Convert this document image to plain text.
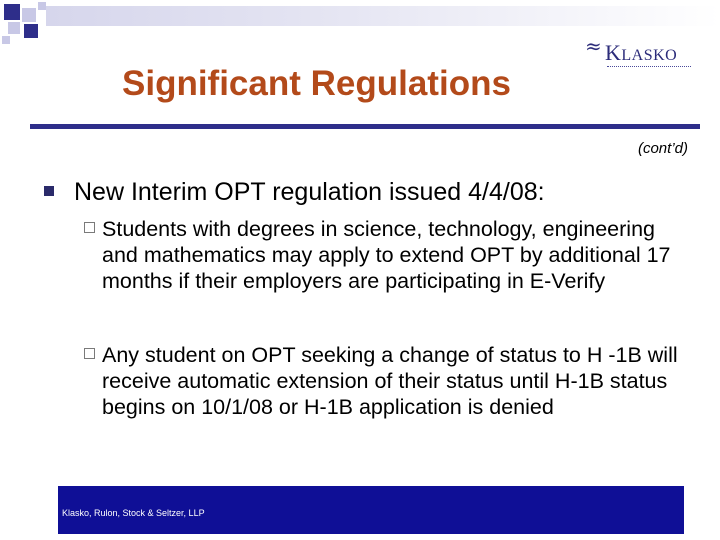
≈ KLASKO
Significant Regulations
(cont’d)
New Interim OPT regulation issued 4/4/08:
Students with degrees in science, technology, engineering and mathematics may apply to extend OPT by additional 17 months if their employers are participating in E-Verify
Any student on OPT seeking a change of status to H -1B will receive automatic extension of their status until H-1B status begins on 10/1/08 or H-1B application is denied
Klasko, Rulon, Stock & Seltzer, LLP
